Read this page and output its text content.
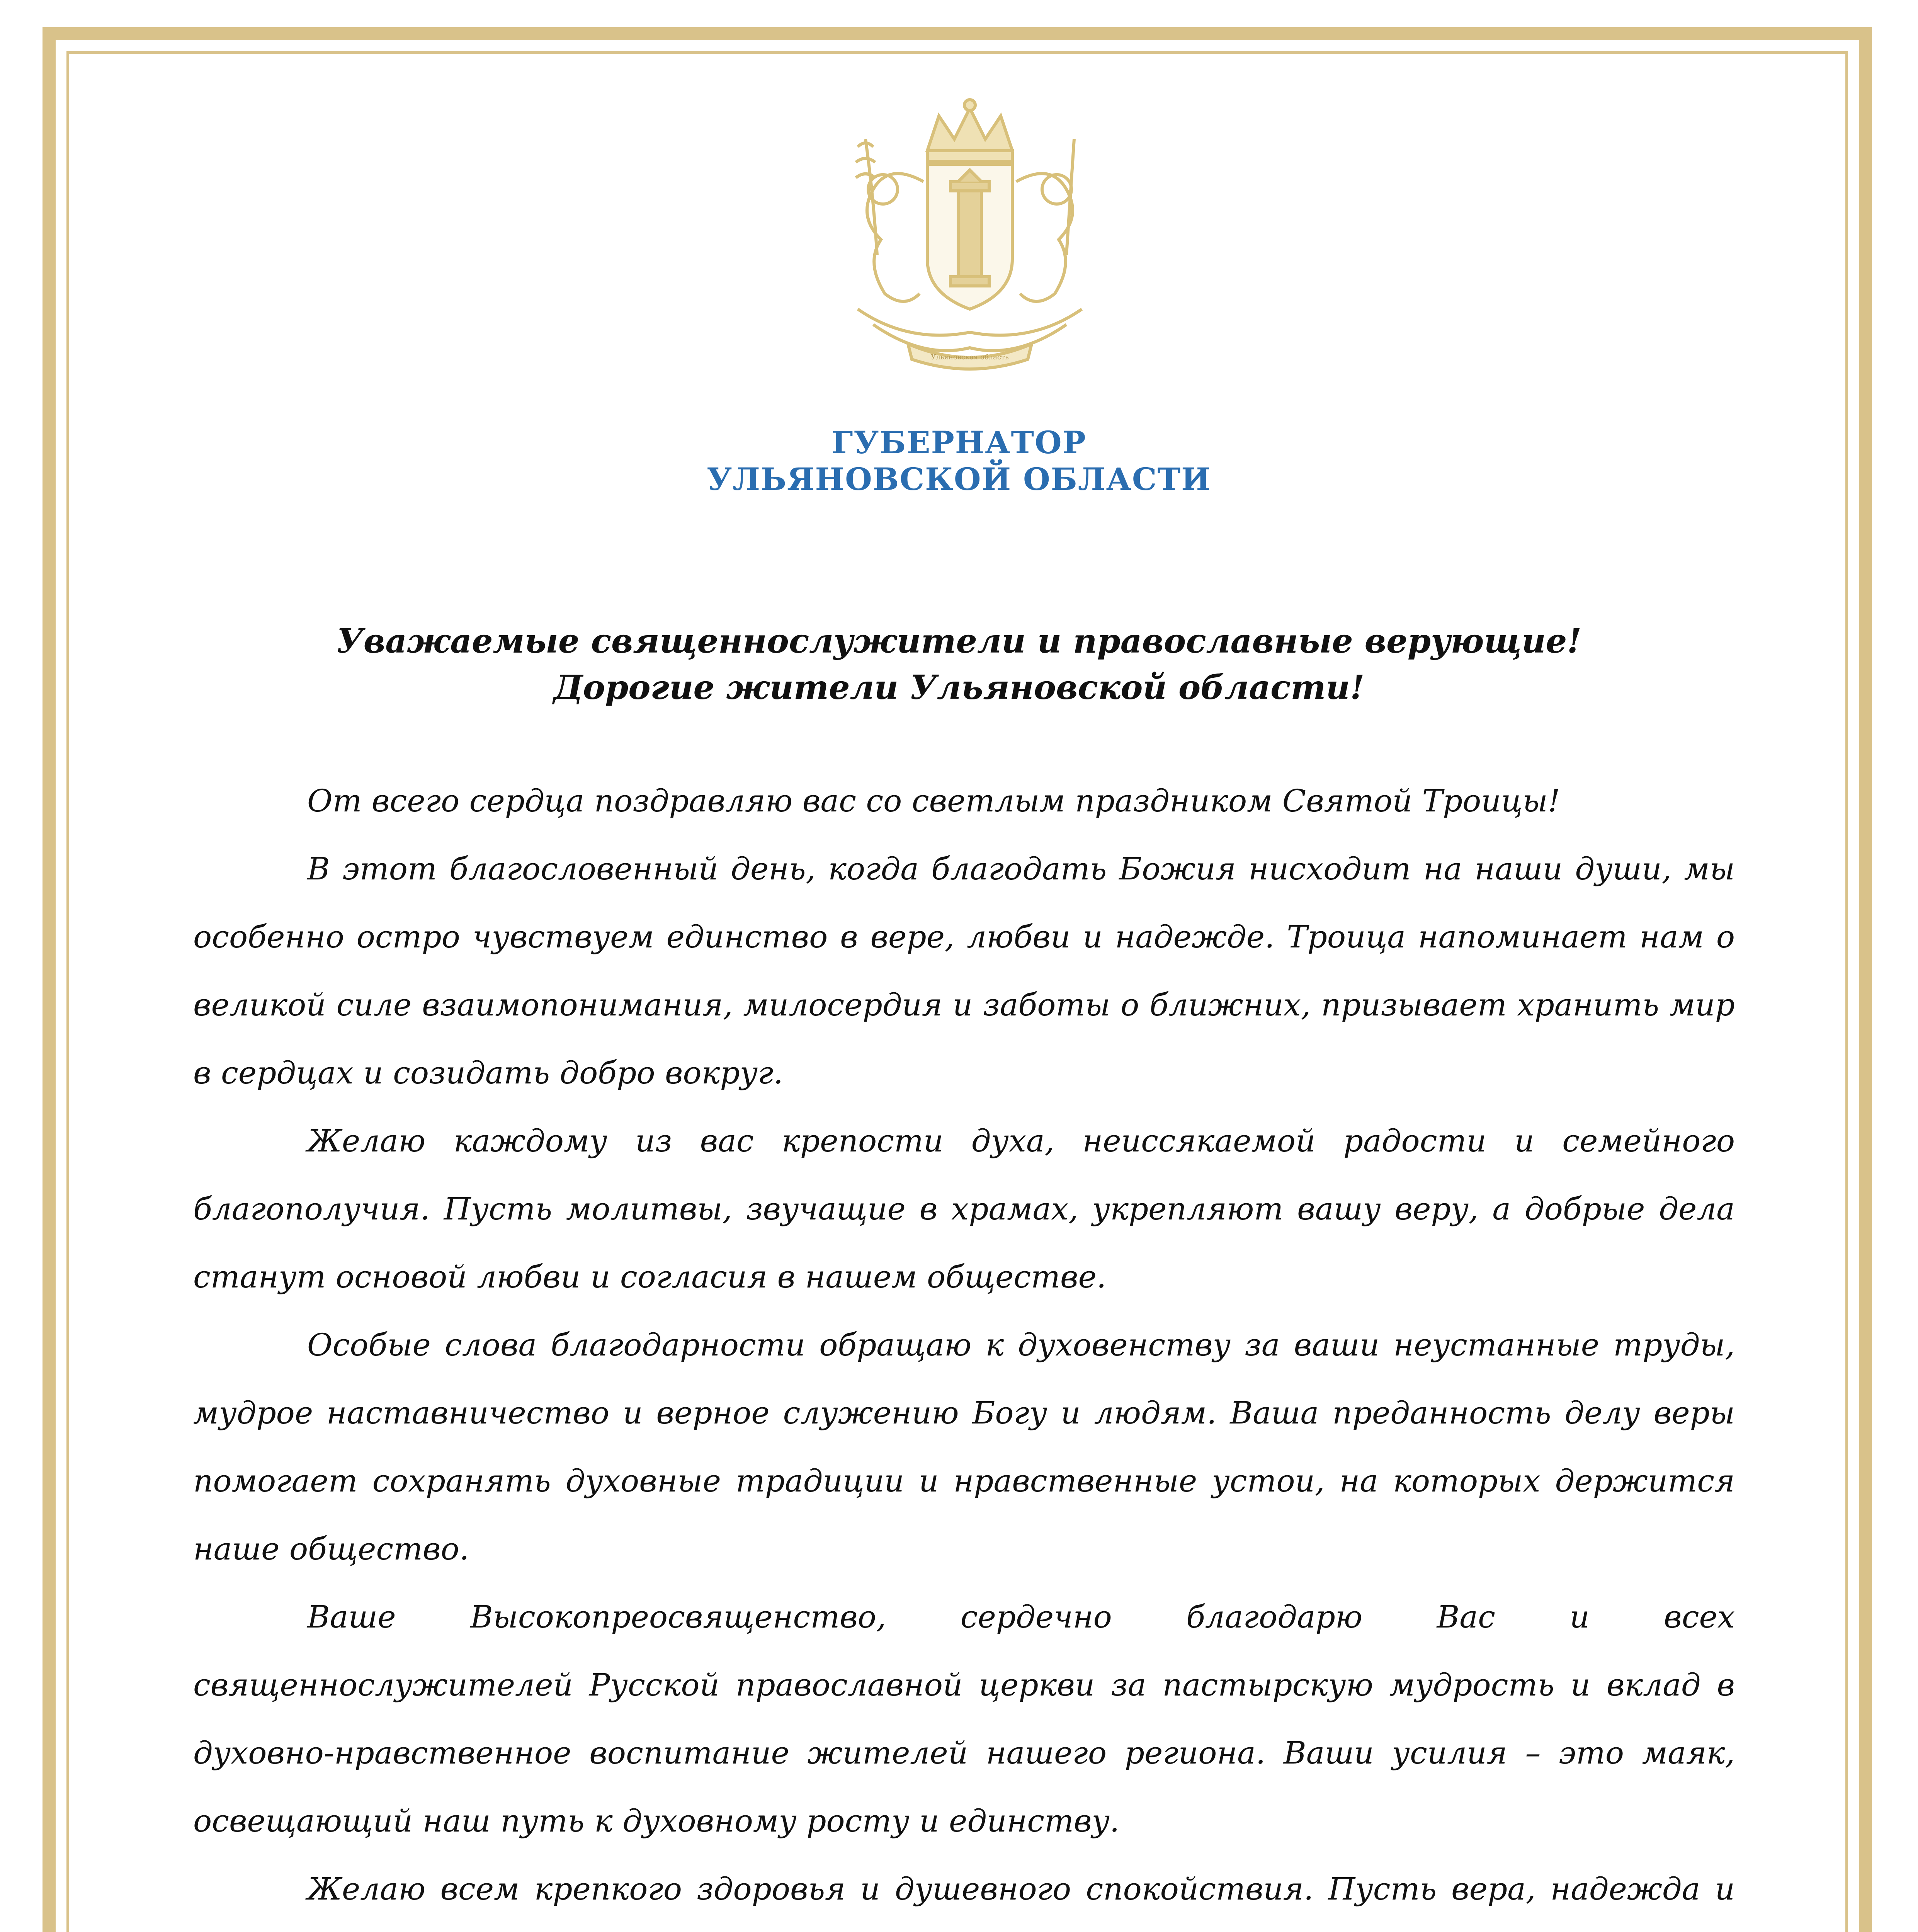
Ульяновская область
ГУБЕРНАТОР
УЛЬЯНОВСКОЙ ОБЛАСТИ
Уважаемые священнослужители и православные верующие!
Дорогие жители Ульяновской области!

От всего сердца поздравляю вас со светлым праздником Святой Троицы!

В этот благословенный день, когда благодать Божия нисходит на наши души, мы особенно остро чувствуем единство в вере, любви и надежде. Троица напоминает нам о великой силе взаимопонимания, милосердия и заботы о ближних, призывает хранить мир в сердцах и созидать добро вокруг.

Желаю каждому из вас крепости духа, неиссякаемой радости и семейного благополучия. Пусть молитвы, звучащие в храмах, укрепляют вашу веру, а добрые дела станут основой любви и согласия в нашем обществе.

Особые слова благодарности обращаю к духовенству за ваши неустанные труды, мудрое наставничество и верное служению Богу и людям. Ваша преданность делу веры помогает сохранять духовные традиции и нравственные устои, на которых держится наше общество.

Ваше Высокопреосвященство, сердечно благодарю Вас и всех священнослужителей Русской православной церкви за пастырскую мудрость и вклад в духовно-нравственное воспитание жителей нашего региона. Ваши усилия – это маяк, освещающий наш путь к духовному росту и единству.

Желаю всем крепкого здоровья и душевного спокойствия. Пусть вера, надежда и
